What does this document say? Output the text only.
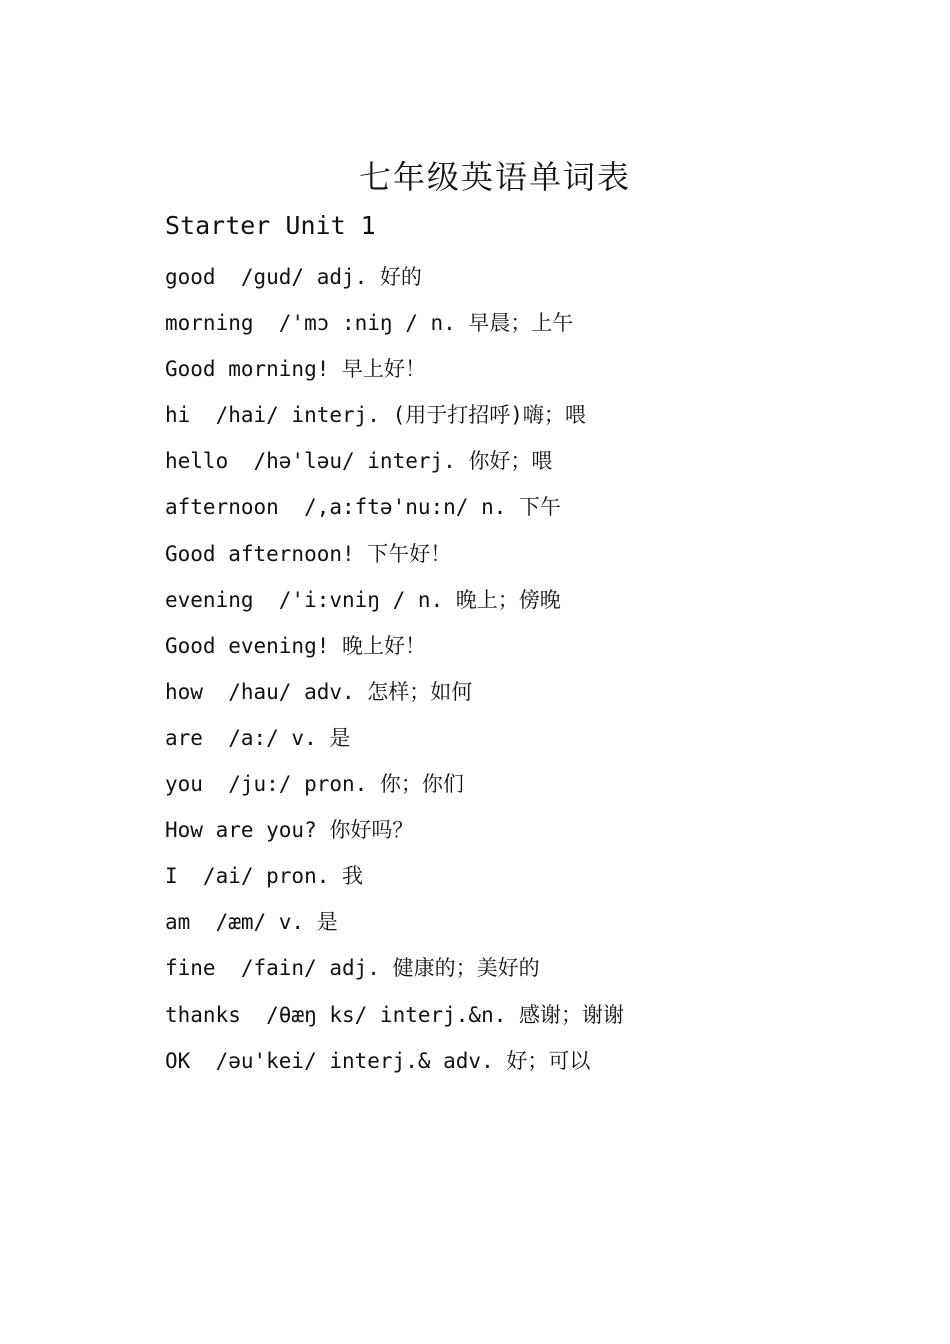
七年级英语单词表
Starter Unit 1
good  /gud/ adj. 好的
morning  /'mɔ :niŋ / n. 早晨；上午
Good morning! 早上好！
hi  /hai/ interj. (用于打招呼)嗨；喂
hello  /hə'ləu/ interj. 你好；喂
afternoon  /,a:ftə'nu:n/ n. 下午
Good afternoon! 下午好！
evening  /'i:vniŋ / n. 晚上；傍晚
Good evening! 晚上好！
how  /hau/ adv. 怎样；如何
are  /a:/ v. 是
you  /ju:/ pron. 你；你们
How are you? 你好吗？
I  /ai/ pron. 我
am  /æm/ v. 是
fine  /fain/ adj. 健康的；美好的
thanks  /θæŋ ks/ interj.&n. 感谢；谢谢
OK  /əu'kei/ interj.& adv. 好；可以
